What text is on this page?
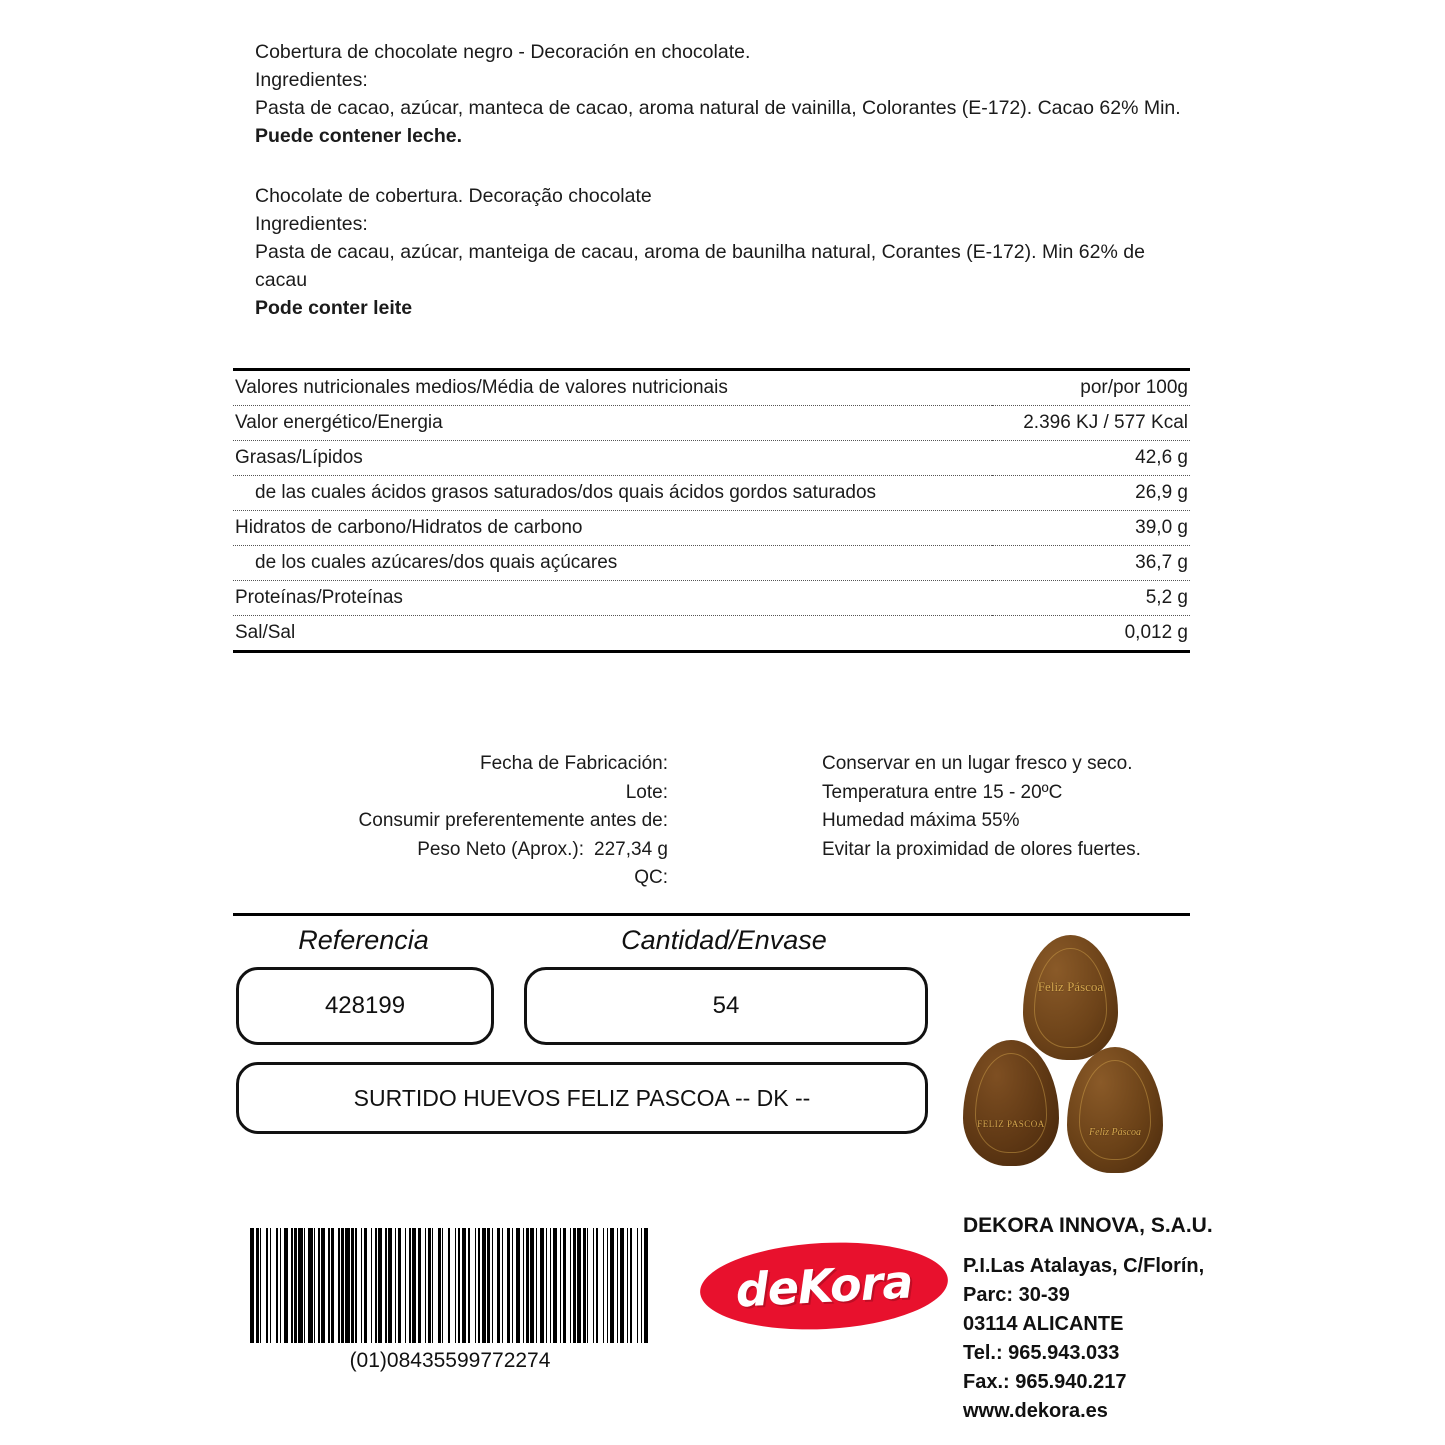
Cobertura de chocolate negro - Decoración en chocolate.
Ingredientes:
Pasta de cacao, azúcar, manteca de cacao, aroma natural de vainilla, Colorantes (E-172). Cacao 62% Min.
Puede contener leche.
Chocolate de cobertura. Decoração chocolate
Ingredientes:
Pasta de cacau, azúcar, manteiga de cacau, aroma de baunilha natural, Corantes (E-172). Min 62% de cacau
Pode conter leite
Valores nutricionales medios/Média de valores nutricionais	por/por 100g
Valor energético/Energia	2.396 KJ / 577 Kcal
Grasas/Lípidos	42,6 g
de las cuales ácidos grasos saturados/dos quais ácidos gordos saturados	26,9 g
Hidratos de carbono/Hidratos de carbono	39,0 g
de los cuales azúcares/dos quais açúcares	36,7 g
Proteínas/Proteínas	5,2 g
Sal/Sal	0,012 g
Fecha de Fabricación:
Lote:
Consumir preferentemente antes de:
Peso Neto (Aprox.): 227,34 g
QC:
Conservar en un lugar fresco y seco.
Temperatura entre 15 - 20ºC
Humedad máxima 55%
Evitar la proximidad de olores fuertes.
Referencia	Cantidad/Envase
428199	54
SURTIDO HUEVOS FELIZ PASCOA -- DK --
Feliz Páscoa
FELIZ PASCOA
Feliz Páscoa
DEKORA INNOVA, S.A.U.
P.I.Las Atalayas, C/Florín,
Parc: 30-39
03114 ALICANTE
Tel.: 965.943.033
Fax.: 965.940.217
www.dekora.es
deKora
(01)08435599772274
